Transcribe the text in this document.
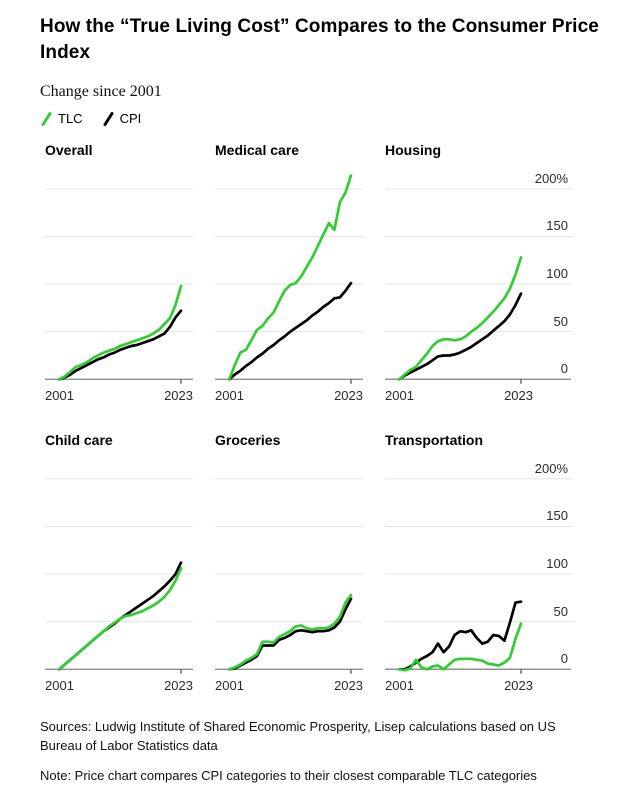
How the “True Living Cost” Compares to the Consumer Price Index
Change since 2001
TLC	CPI
Overall
2001	2023
Medical care
2001	2023
Housing
2001	2023
200%
150
100
50
0
Child care
2001	2023
Groceries
2001	2023
Transportation
2001	2023
200%
150
100
50
0
Sources: Ludwig Institute of Shared Economic Prosperity, Lisep calculations based on US Bureau of Labor Statistics data
Note: Price chart compares CPI categories to their closest comparable TLC categories
